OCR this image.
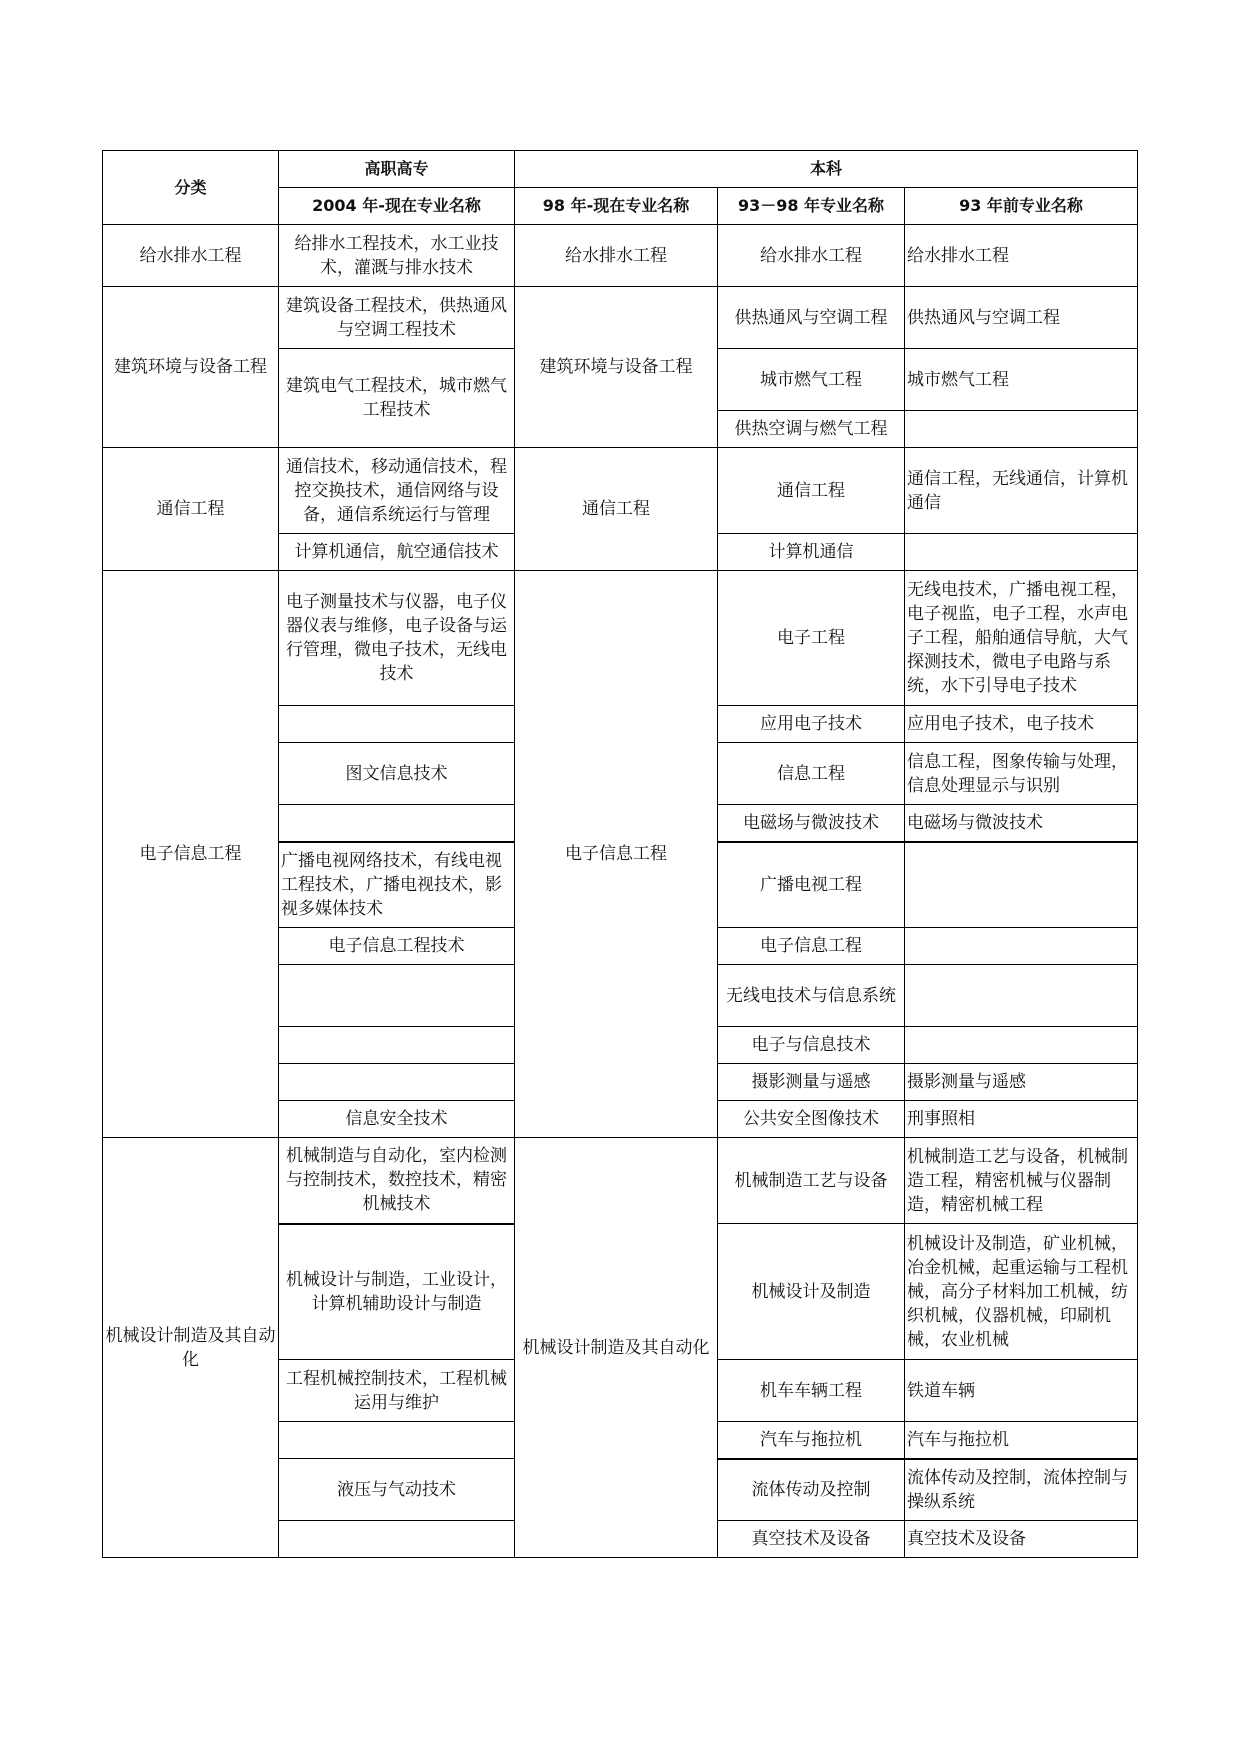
分类	高职高专	本科		
	2004 年-现在专业名称	98 年-现在专业名称	93－98 年专业名称	93 年前专业名称
给水排水工程	给排水工程技术，水工业技术，灌溉与排水技术	给水排水工程	给水排水工程	给水排水工程
建筑环境与设备工程	建筑设备工程技术，供热通风与空调工程技术	建筑环境与设备工程	供热通风与空调工程	供热通风与空调工程
	建筑电气工程技术，城市燃气工程技术		城市燃气工程	城市燃气工程
			供热空调与燃气工程	

通信工程	通信技术，移动通信技术，程控交换技术，通信网络与设备，通信系统运行与管理	通信工程	通信工程	通信工程，无线通信，计算机通信
	计算机通信，航空通信技术		计算机通信	
电子信息工程	电子测量技术与仪器，电子仪器仪表与维修，电子设备与运行管理，微电子技术，无线电技术	电子信息工程	电子工程	无线电技术，广播电视工程，电子视监，电子工程，水声电子工程，船舶通信导航，大气探测技术，微电子电路与系统，水下引导电子技术
			应用电子技术	应用电子技术，电子技术
	图文信息技术		信息工程	信息工程，图象传输与处理，信息处理显示与识别
			电磁场与微波技术	电磁场与微波技术
	广播电视网络技术，有线电视工程技术，广播电视技术，影视多媒体技术		广播电视工程	
	电子信息工程技术		电子信息工程	
			无线电技术与信息系统	
			电子与信息技术	
			摄影测量与遥感	摄影测量与遥感
	信息安全技术		公共安全图像技术	刑事照相
机械设计制造及其自动化	机械制造与自动化，室内检测与控制技术，数控技术，精密机械技术	机械设计制造及其自动化	机械制造工艺与设备	机械制造工艺与设备，机械制造工程，精密机械与仪器制造，精密机械工程
	机械设计与制造，工业设计，计算机辅助设计与制造		机械设计及制造	机械设计及制造，矿业机械，冶金机械，起重运输与工程机械，高分子材料加工机械，纺织机械，仪器机械，印刷机械，农业机械
	工程机械控制技术，工程机械运用与维护		机车车辆工程	铁道车辆
			汽车与拖拉机	汽车与拖拉机
	液压与气动技术		流体传动及控制	流体传动及控制，流体控制与操纵系统
			真空技术及设备	真空技术及设备
